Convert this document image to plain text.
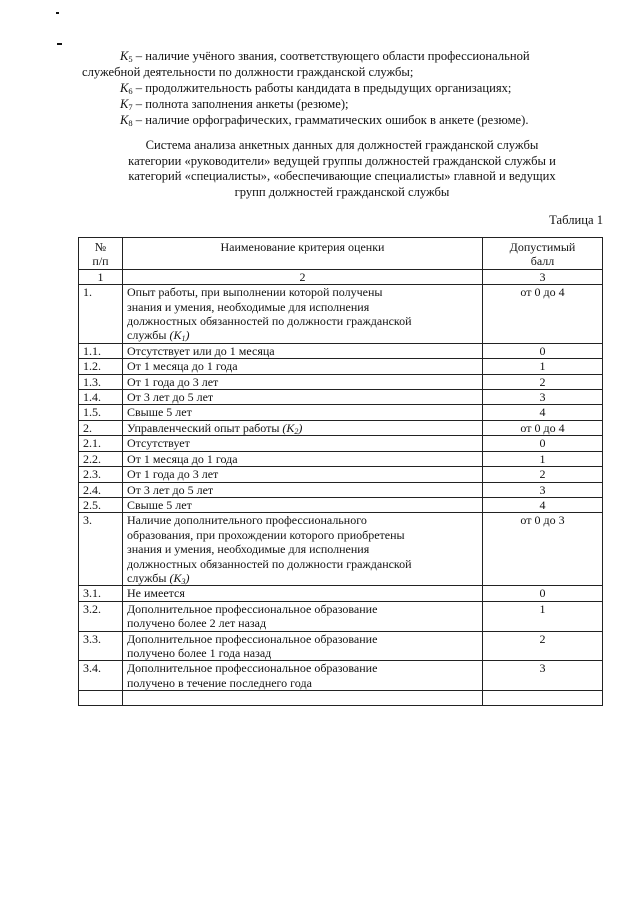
$K_5$ – наличие учёного звания, соответствующего области профессиональной

служебной деятельности по должности гражданской службы;

$K_6$ – продолжительность работы кандидата в предыдущих организациях;

$K_7$ – полнота заполнения анкеты (резюме);

$K_8$ – наличие орфографических, грамматических ошибок в анкете (резюме).

Система анализа анкетных данных для должностей гражданской службы
категории «руководители» ведущей группы должностей гражданской службы и
категорий «специалисты», «обеспечивающие специалисты» главной и ведущих
групп должностей гражданской службы
Таблица 1
№
п/п	Наименование критерия оценки	Допустимый
балл
1	2	3
1.	Опыт работы, при выполнении которой получены
знания и умения, необходимые для исполнения
должностных обязанностей по должности гражданской
службы $(K_1)$	от 0 до 4
1.1.	Отсутствует или до 1 месяца	0
1.2.	От 1 месяца до 1 года	1
1.3.	От 1 года до 3 лет	2
1.4.	От 3 лет до 5 лет	3
1.5.	Свыше 5 лет	4
2.	Управленческий опыт работы $(K_2)$	от 0 до 4
2.1.	Отсутствует	0
2.2.	От 1 месяца до 1 года	1
2.3.	От 1 года до 3 лет	2
2.4.	От 3 лет до 5 лет	3
2.5.	Свыше 5 лет	4
3.	Наличие дополнительного профессионального
образования, при прохождении которого приобретены
знания и умения, необходимые для исполнения
должностных обязанностей по должности гражданской
службы $(K_3)$	от 0 до 3
3.1.	Не имеется	0
3.2.	Дополнительное профессиональное образование
получено более 2 лет назад	1
3.3.	Дополнительное профессиональное образование
получено более 1 года назад	2
3.4.	Дополнительное профессиональное образование
получено в течение последнего года	3
